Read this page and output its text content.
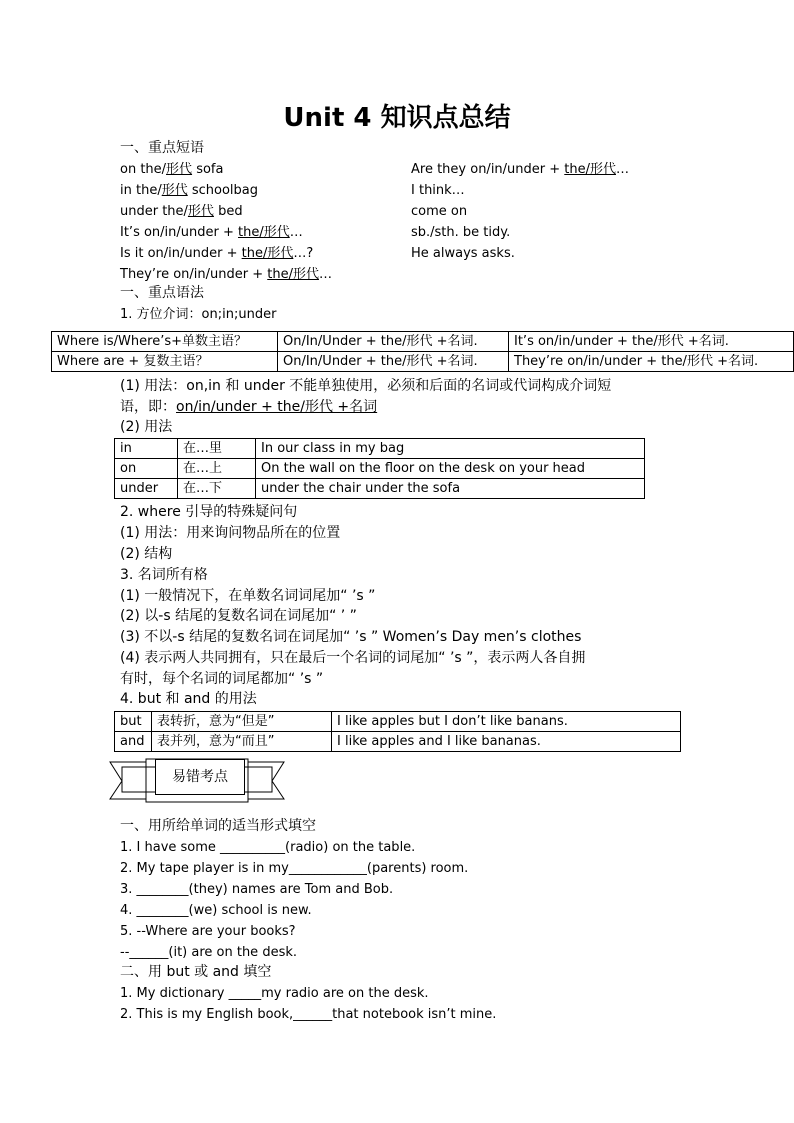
Unit 4 知识点总结
一、重点短语
on the/形代 sofa
in the/形代 schoolbag
under the/形代 bed
It’s on/in/under + the/形代…
Is it on/in/under + the/形代…?
They’re on/in/under + the/形代…
Are they on/in/under + the/形代…
I think…
come on
sb./sth. be tidy.
He always asks.
一、重点语法
1. 方位介词：on;in;under
Where is/Where’s+单数主语？	On/In/Under + the/形代 +名词.	It’s on/in/under + the/形代 +名词.
Where are + 复数主语？	On/In/Under + the/形代 +名词.	They’re on/in/under + the/形代 +名词.
(1) 用法：on,in 和 under 不能单独使用，必须和后面的名词或代词构成介词短
语，即：on/in/under + the/形代 +名词
(2) 用法
in	在…里	In our class in my bag
on	在…上	On the wall on the floor on the desk on your head
under	在…下	under the chair under the sofa
2. where 引导的特殊疑问句
(1) 用法：用来询问物品所在的位置
(2) 结构
3. 名词所有格
(1) 一般情况下，在单数名词词尾加“ ’s ”
(2) 以-s 结尾的复数名词在词尾加“ ’ ”
(3) 不以-s 结尾的复数名词在词尾加“ ’s ” Women’s Day men’s clothes
(4) 表示两人共同拥有，只在最后一个名词的词尾加“ ’s ”，表示两人各自拥
有时，每个名词的词尾都加“ ’s ”
4. but 和 and 的用法
but	表转折，意为“但是”	I like apples but I don’t like banans.
and	表并列，意为“而且”	I like apples and I like bananas.
易错考点
一、用所给单词的适当形式填空
1. I have some __________(radio) on the table.
2. My tape player is in my____________(parents) room.
3. ________(they) names are Tom and Bob.
4. ________(we) school is new.
5. --Where are your books?
--______(it) are on the desk.
二、用 but 或 and 填空
1. My dictionary _____my radio are on the desk.
2. This is my English book,______that notebook isn’t mine.
